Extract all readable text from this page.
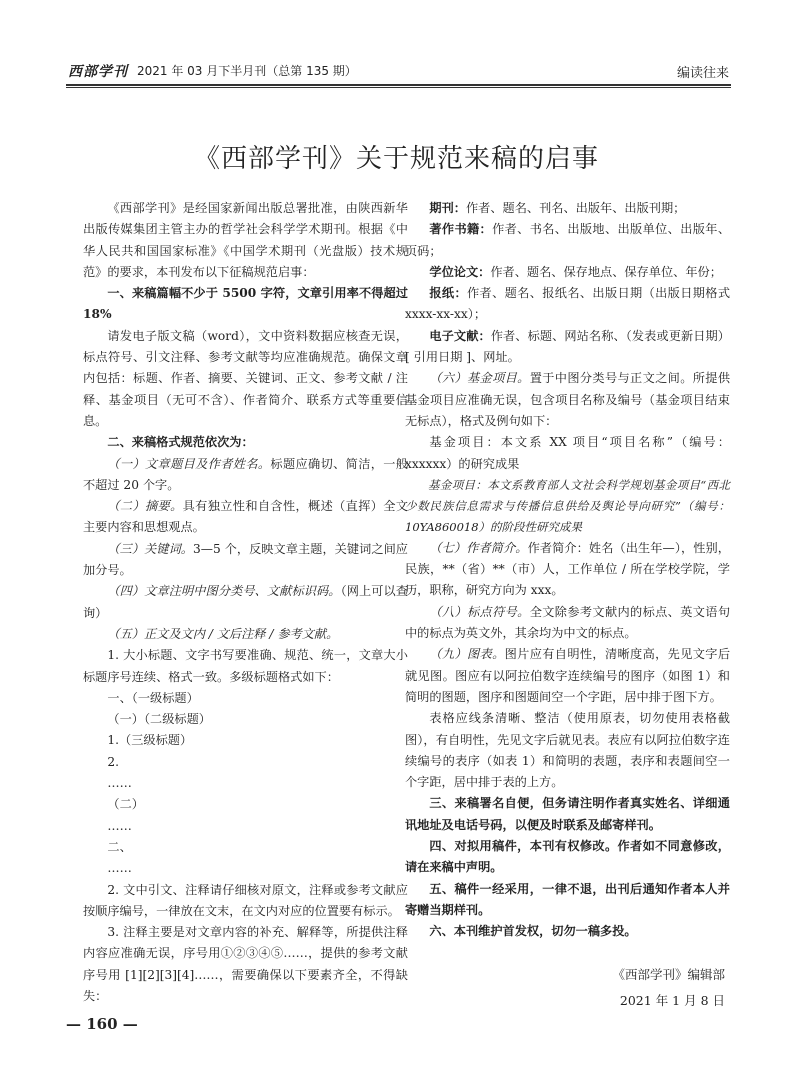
西部学刊 2021 年 03 月下半月刊（总第 135 期）	编读往来
《西部学刊》关于规范来稿的启事

《西部学刊》是经国家新闻出版总署批准，由陕西新华出版传媒集团主管主办的哲学社会科学学术期刊。根据《中华人民共和国国家标准》《中国学术期刊（光盘版）技术规范》的要求，本刊发布以下征稿规范启事：

一、来稿篇幅不少于 5500 字符，文章引用率不得超过 18%

请发电子版文稿（word），文中资料数据应核查无误，标点符号、引文注释、参考文献等均应准确规范。确保文章内包括：标题、作者、摘要、关键词、正文、参考文献 / 注释、基金项目（无可不含）、作者简介、联系方式等重要信息。

二、来稿格式规范依次为：

（一）文章题目及作者姓名。标题应确切、简洁，一般不超过 20 个字。

（二）摘要。具有独立性和自含性，概述（直挥）全文主要内容和思想观点。

（三）关键词。3—5 个，反映文章主题，关键词之间应加分号。

（四）文章注明中图分类号、文献标识码。（网上可以查询）

（五）正文及文内 / 文后注释 / 参考文献。

1. 大小标题、文字书写要准确、规范、统一，文章大小标题序号连续、格式一致。多级标题格式如下：

一、（一级标题）

（一）（二级标题）

1.（三级标题）

2.

……

（二）

……

二、

……

2. 文中引文、注释请仔细核对原文，注释或参考文献应按顺序编号，一律放在文末，在文内对应的位置要有标示。

3. 注释主要是对文章内容的补充、解释等，所提供注释内容应准确无误，序号用①②③④⑤……，提供的参考文献序号用 [1][2][3][4]……，需要确保以下要素齐全，不得缺失：

期刊：作者、题名、刊名、出版年、出版刊期；

著作书籍：作者、书名、出版地、出版单位、出版年、页码；

学位论文：作者、题名、保存地点、保存单位、年份；

报纸：作者、题名、报纸名、出版日期（出版日期格式 xxxx-xx-xx）；

电子文献：作者、标题、网站名称、（发表或更新日期）[ 引用日期 ]、网址。

（六）基金项目。置于中图分类号与正文之间。所提供基金项目应准确无误，包含项目名称及编号（基金项目结束无标点），格式及例句如下：

基金项目：本文系 XX 项目“项目名称”（编号：xxxxxx）的研究成果

基金项目：本文系教育部人文社会科学规划基金项目“西北少数民族信息需求与传播信息供给及舆论导向研究”（编号：10YA860018）的阶段性研究成果

（七）作者简介。作者简介：姓名（出生年—），性别，民族，**（省）**（市）人，工作单位 / 所在学校学院，学历，职称，研究方向为 xxx。

（八）标点符号。全文除参考文献内的标点、英文语句中的标点为英文外，其余均为中文的标点。

（九）图表。图片应有自明性，清晰度高，先见文字后就见图。图应有以阿拉伯数字连续编号的图序（如图 1）和简明的图题，图序和图题间空一个字距，居中排于图下方。

表格应线条清晰、整洁（使用原表，切勿使用表格截图），有自明性，先见文字后就见表。表应有以阿拉伯数字连续编号的表序（如表 1）和简明的表题，表序和表题间空一个字距，居中排于表的上方。

三、来稿署名自便，但务请注明作者真实姓名、详细通讯地址及电话号码，以便及时联系及邮寄样刊。

四、对拟用稿件，本刊有权修改。作者如不同意修改，请在来稿中声明。

五、稿件一经采用，一律不退，出刊后通知作者本人并寄赠当期样刊。

六、本刊维护首发权，切勿一稿多投。

《西部学刊》编辑部
2021 年 1 月 8 日
— 160 —
